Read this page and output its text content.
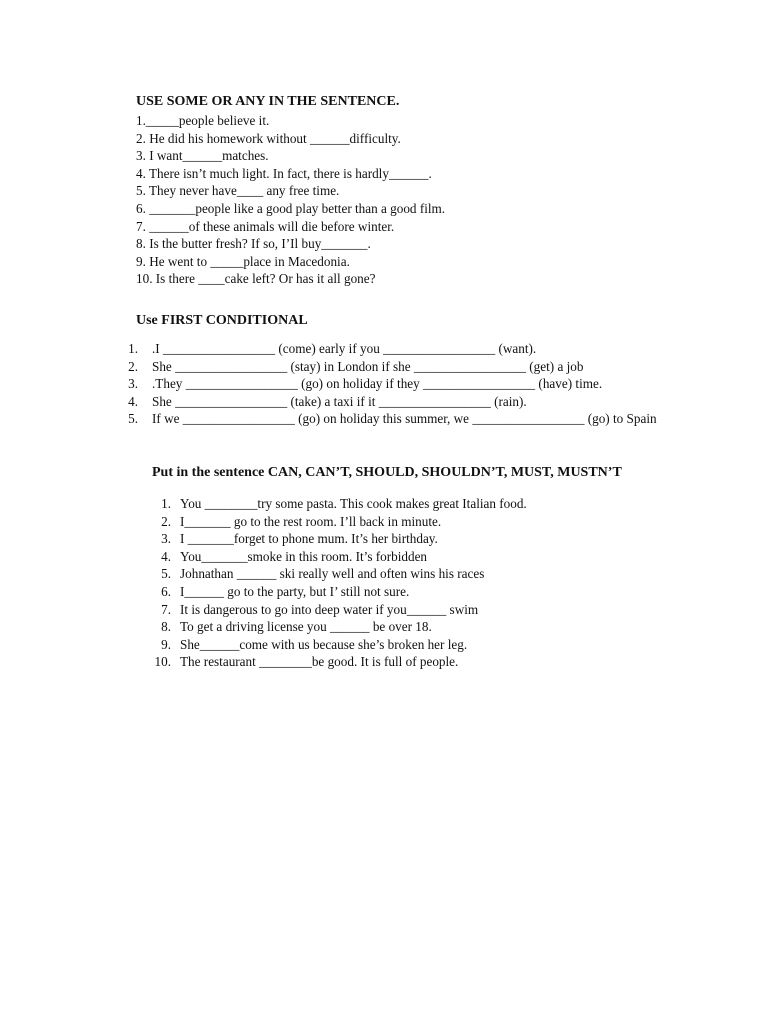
USE SOME OR ANY IN THE SENTENCE.
1._____people believe it.
2. He did his homework without ______difficulty.
3. I want______matches.
4. There isn’t much light. In fact, there is hardly______.
5. They never have____ any free time.
6. _______people like a good play better than a good film.
7. ______of these animals will die before winter.
8. Is the butter fresh? If so, I’Il buy_______.
9. He went to _____place in Macedonia.
10. Is there ____cake left? Or has it all gone?
Use FIRST CONDITIONAL
1. .I _________________ (come) early if you _________________ (want).
2. She _________________ (stay) in London if she _________________ (get) a job
3. .They _________________ (go) on holiday if they _________________ (have) time.
4. She _________________ (take) a taxi if it _________________ (rain).
5. If we _________________ (go) on holiday this summer, we _________________ (go) to Spain
Put in the sentence CAN, CAN’T, SHOULD, SHOULDN’T, MUST, MUSTN’T
1. You ________try some pasta. This cook makes great Italian food.
2. I_______ go to the rest room. I’ll back in minute.
3. I _______forget to phone mum. It’s her birthday.
4. You_______smoke in this room. It’s forbidden
5. Johnathan ______ ski really well and often wins his races
6. I______ go to the party, but I’ still not sure.
7. It is dangerous to go into deep water if you______ swim
8. To get a driving license you ______ be over 18.
9. She______come with us because she’s broken her leg.
10. The restaurant ________be good. It is full of people.
